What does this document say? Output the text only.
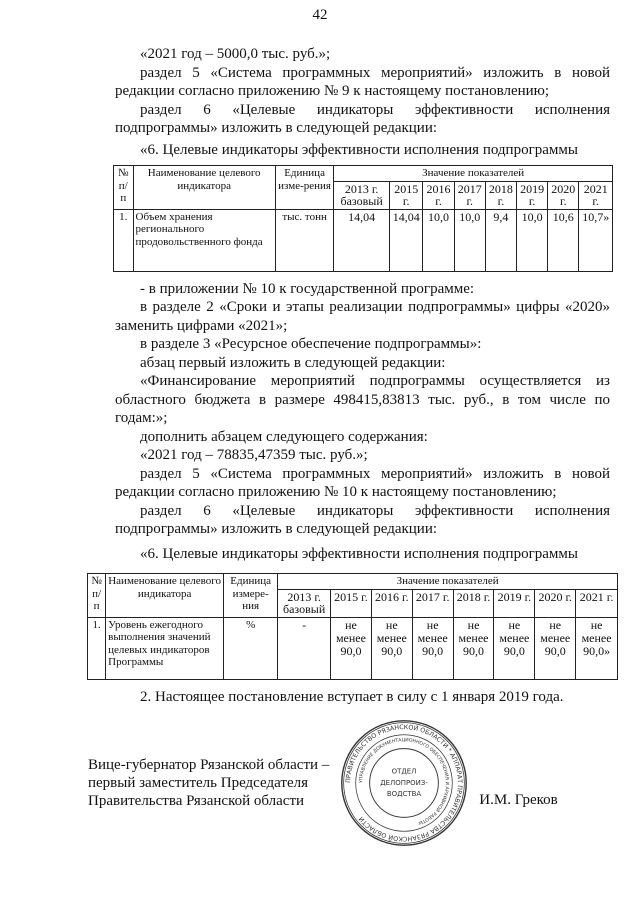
42

«2021 год – 5000,0 тыс. руб.»;

раздел 5 «Система программных мероприятий» изложить в новой редакции согласно приложению № 9 к настоящему постановлению;

раздел 6 «Целевые индикаторы эффективности исполнения подпрограммы» изложить в следующей редакции:

«6. Целевые индикаторы эффективности исполнения подпрограммы

№ п/п	Наименование целевого индикатора	Единица изме-рения	Значение показателей							
			2013 г. базовый	2015 г.	2016 г.	2017 г.	2018 г.	2019 г.	2020 г.	2021 г.
1.	Объем хранения регионального продовольственного фонда	тыс. тонн	14,04	14,04	10,0	10,0	9,4	10,0	10,6	10,7»

- в приложении № 10 к государственной программе:

в разделе 2 «Сроки и этапы реализации подпрограммы» цифры «2020» заменить цифрами «2021»;

в разделе 3 «Ресурсное обеспечение подпрограммы»:

абзац первый изложить в следующей редакции:

«Финансирование мероприятий подпрограммы осуществляется из областного бюджета в размере 498415,83813 тыс. руб., в том числе по годам:»;

дополнить абзацем следующего содержания:

«2021 год – 78835,47359 тыс. руб.»;

раздел 5 «Система программных мероприятий» изложить в новой редакции согласно приложению № 10 к настоящему постановлению;

раздел 6 «Целевые индикаторы эффективности исполнения подпрограммы» изложить в следующей редакции:

«6. Целевые индикаторы эффективности исполнения подпрограммы

№ п/п	Наименование целевого индикатора	Единица измере-ния	Значение показателей							
			2013 г. базовый	2015 г.	2016 г.	2017 г.	2018 г.	2019 г.	2020 г.	2021 г.
1.	Уровень ежегодного выполнения значений целевых индикаторов Программы	%	-	не менее 90,0	не менее 90,0	не менее 90,0	не менее 90,0	не менее 90,0	не менее 90,0	не менее 90,0»
2. Настоящее постановление вступает в силу с 1 января 2019 года.
Вице-губернатор Рязанской области –
первый заместитель Председателя
Правительства Рязанской области
ПРАВИТЕЛЬСТВО РЯЗАНСКОЙ ОБЛАСТИ * АППАРАТ ПРАВИТЕЛЬСТВА РЯЗАНСКОЙ ОБЛАСТИ
УПРАВЛЕНИЕ ДОКУМЕНТАЦИОННОГО ОБЕСПЕЧЕНИЯ И АРХИВНОЙ РАБОТЫ
ОТДЕЛ
ДЕЛОПРОИЗ-
ВОДСТВА	И.М. Греков
